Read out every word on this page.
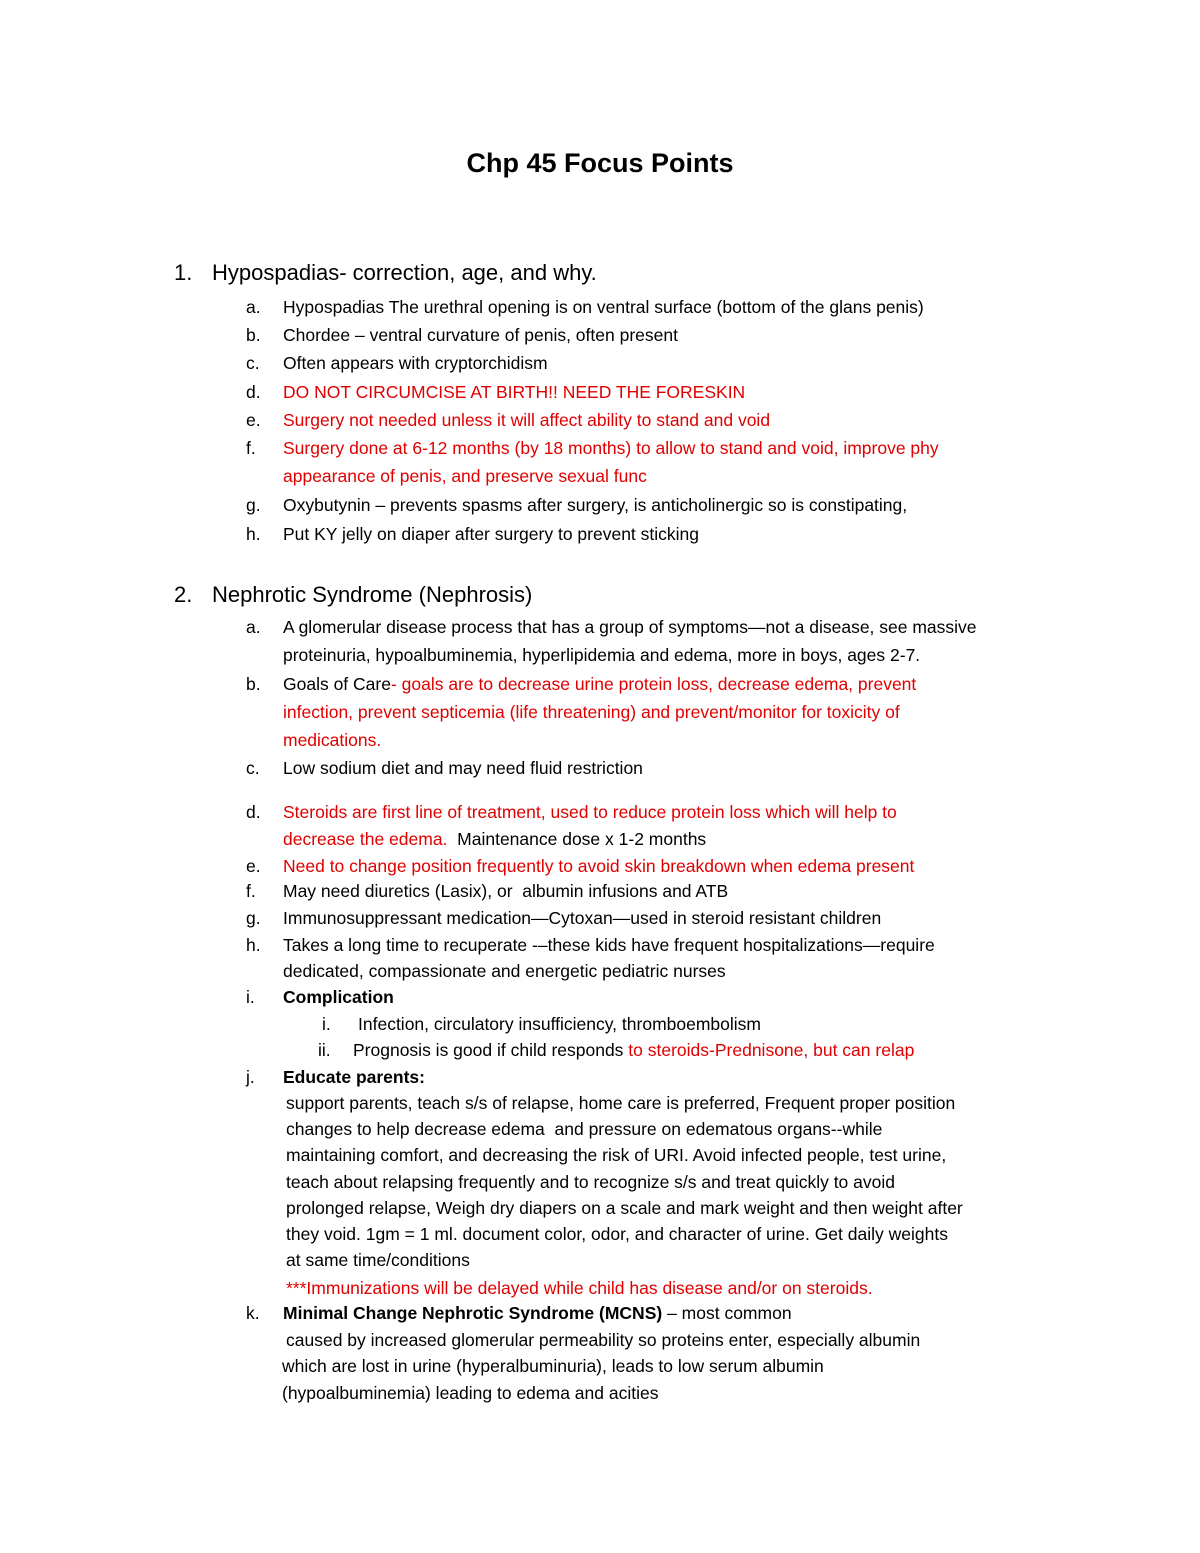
Chp 45 Focus Points
1. Hypospadias- correction, age, and why.
a. Hypospadias The urethral opening is on ventral surface (bottom of the glans penis)
b. Chordee – ventral curvature of penis, often present
c. Often appears with cryptorchidism
d. DO NOT CIRCUMCISE AT BIRTH!! NEED THE FORESKIN
e. Surgery not needed unless it will affect ability to stand and void
f. Surgery done at 6-12 months (by 18 months) to allow to stand and void, improve phy
appearance of penis, and preserve sexual func
g. Oxybutynin – prevents spasms after surgery, is anticholinergic so is constipating,
h. Put KY jelly on diaper after surgery to prevent sticking
2. Nephrotic Syndrome (Nephrosis)
a. A glomerular disease process that has a group of symptoms—not a disease, see massive
proteinuria, hypoalbuminemia, hyperlipidemia and edema, more in boys, ages 2-7.
b. Goals of Care- goals are to decrease urine protein loss, decrease edema, prevent
infection, prevent septicemia (life threatening) and prevent/monitor for toxicity of
medications.
c. Low sodium diet and may need fluid restriction
d. Steroids are first line of treatment, used to reduce protein loss which will help to
decrease the edema.  Maintenance dose x 1-2 months
e. Need to change position frequently to avoid skin breakdown when edema present
f. May need diuretics (Lasix), or  albumin infusions and ATB
g. Immunosuppressant medication—Cytoxan—used in steroid resistant children
h. Takes a long time to recuperate -–these kids have frequent hospitalizations—require
dedicated, compassionate and energetic pediatric nurses
i. Complication
i. Infection, circulatory insufficiency, thromboembolism
ii. Prognosis is good if child responds to steroids-Prednisone, but can relap
j. Educate parents:
support parents, teach s/s of relapse, home care is preferred, Frequent proper position
changes to help decrease edema  and pressure on edematous organs--while
maintaining comfort, and decreasing the risk of URI. Avoid infected people, test urine,
teach about relapsing frequently and to recognize s/s and treat quickly to avoid
prolonged relapse, Weigh dry diapers on a scale and mark weight and then weight after
they void. 1gm = 1 ml. document color, odor, and character of urine. Get daily weights
at same time/conditions
***Immunizations will be delayed while child has disease and/or on steroids.
k. Minimal Change Nephrotic Syndrome (MCNS) – most common
caused by increased glomerular permeability so proteins enter, especially albumin
which are lost in urine (hyperalbuminuria), leads to low serum albumin
(hypoalbuminemia) leading to edema and acities
